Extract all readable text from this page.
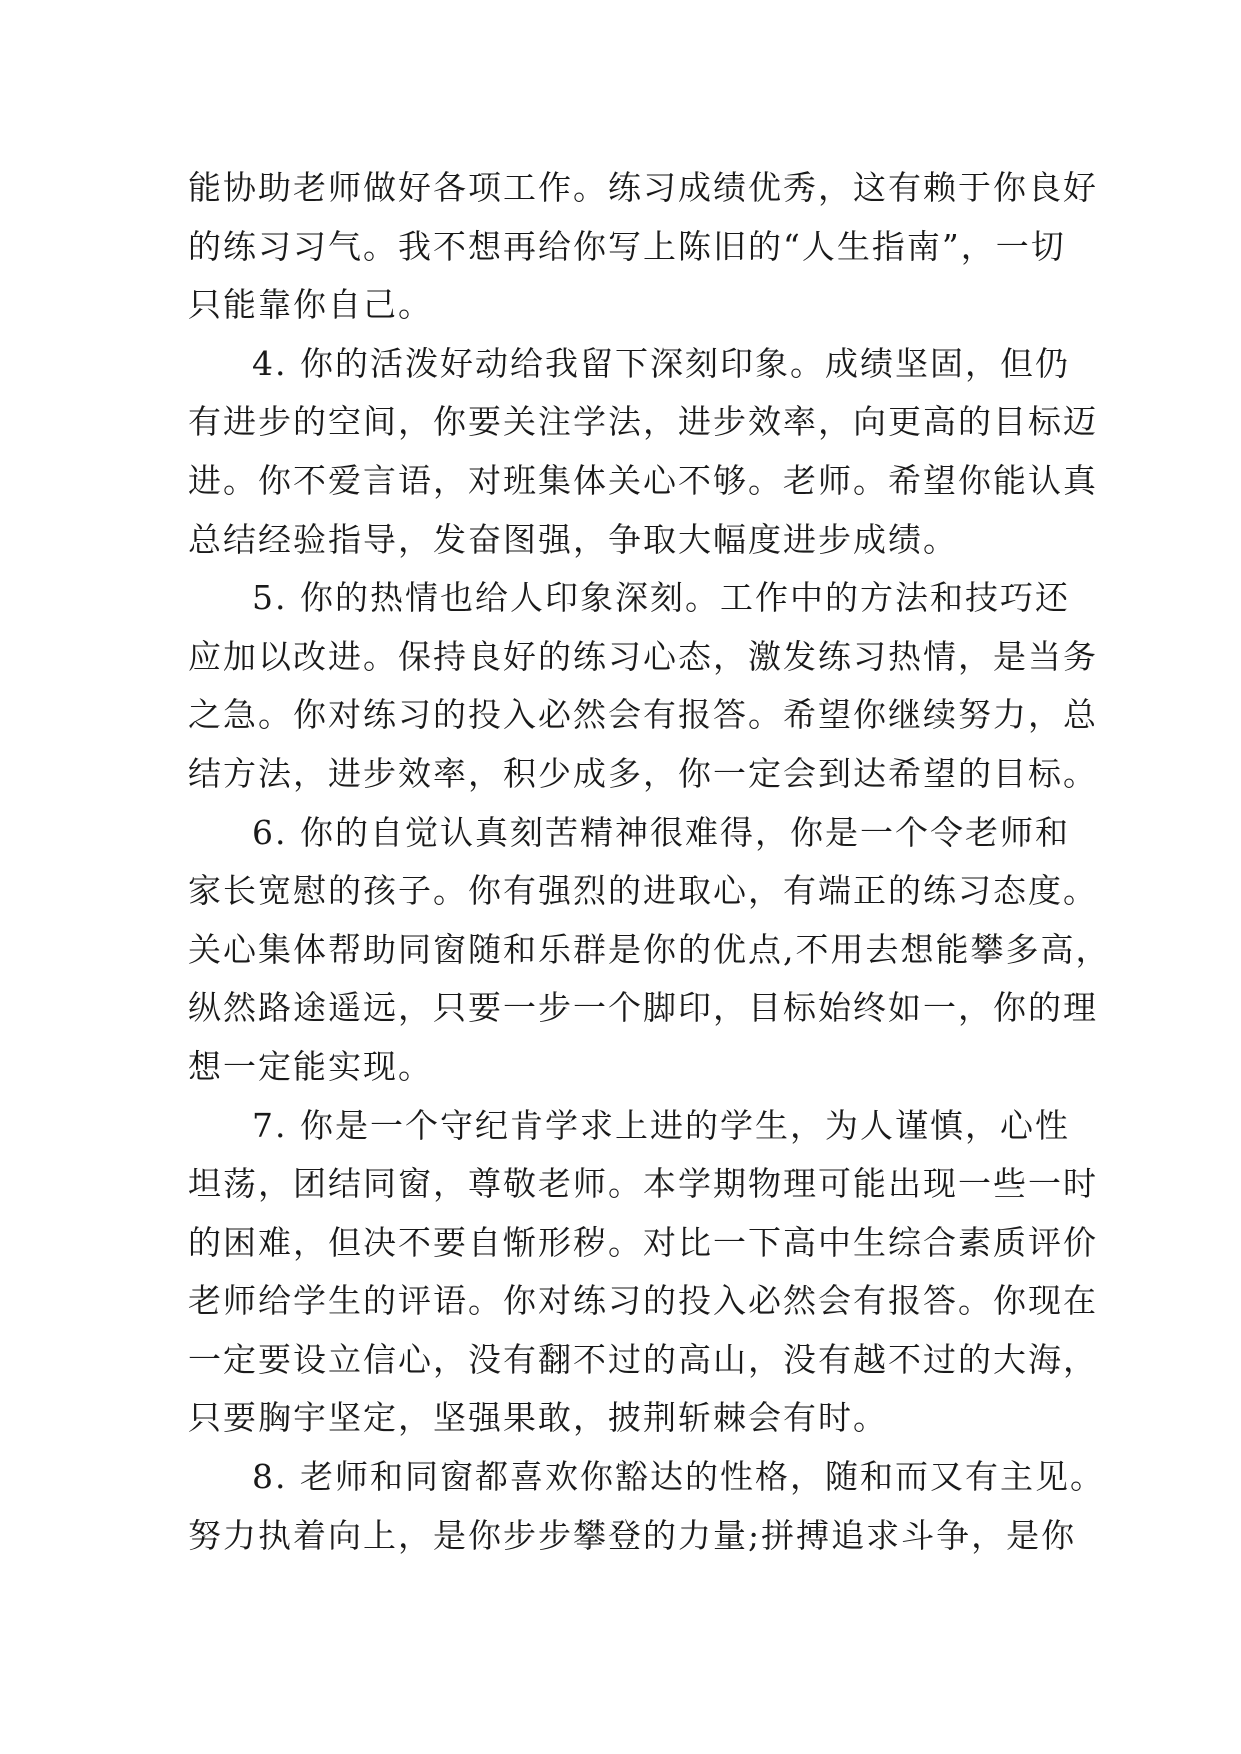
能协助老师做好各项工作。练习成绩优秀，这有赖于你良好
的练习习气。我不想再给你写上陈旧的“人生指南”，一切
只能靠你自己。
4. 你的活泼好动给我留下深刻印象。成绩坚固，但仍
有进步的空间，你要关注学法，进步效率，向更高的目标迈
进。你不爱言语，对班集体关心不够。老师。希望你能认真
总结经验指导，发奋图强，争取大幅度进步成绩。
5. 你的热情也给人印象深刻。工作中的方法和技巧还
应加以改进。保持良好的练习心态，激发练习热情，是当务
之急。你对练习的投入必然会有报答。希望你继续努力，总
结方法，进步效率，积少成多，你一定会到达希望的目标。
6. 你的自觉认真刻苦精神很难得，你是一个令老师和
家长宽慰的孩子。你有强烈的进取心，有端正的练习态度。
关心集体帮助同窗随和乐群是你的优点,不用去想能攀多高，
纵然路途遥远，只要一步一个脚印，目标始终如一，你的理
想一定能实现。
7. 你是一个守纪肯学求上进的学生，为人谨慎，心性
坦荡，团结同窗，尊敬老师。本学期物理可能出现一些一时
的困难，但决不要自惭形秽。对比一下高中生综合素质评价
老师给学生的评语。你对练习的投入必然会有报答。你现在
一定要设立信心，没有翻不过的高山，没有越不过的大海，
只要胸宇坚定，坚强果敢，披荆斩棘会有时。
8. 老师和同窗都喜欢你豁达的性格，随和而又有主见。
努力执着向上，是你步步攀登的力量;拼搏追求斗争，是你
